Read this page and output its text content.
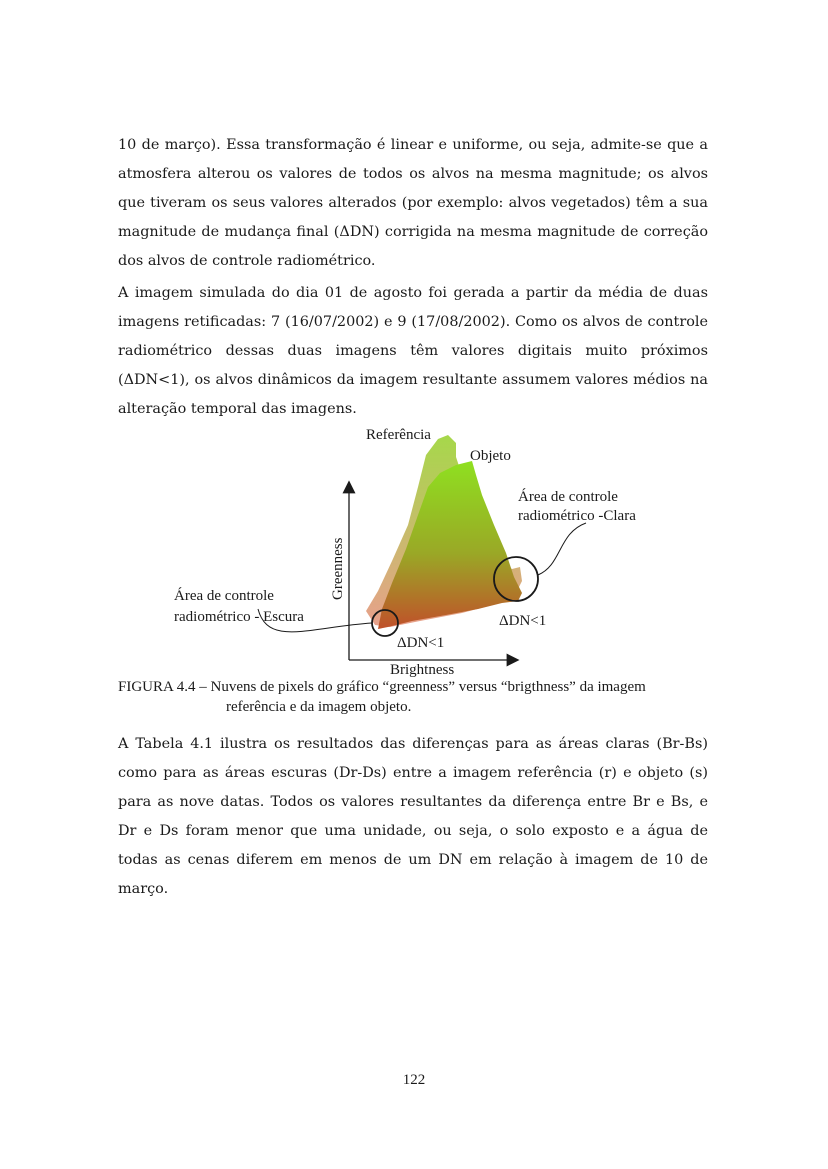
10 de março). Essa transformação é linear e uniforme, ou seja, admite-se que a atmosfera alterou os valores de todos os alvos na mesma magnitude; os alvos que tiveram os seus valores alterados (por exemplo: alvos vegetados) têm a sua magnitude de mudança final (ΔDN) corrigida na mesma magnitude de correção dos alvos de controle radiométrico.

A imagem simulada do dia 01 de agosto foi gerada a partir da média de duas imagens retificadas: 7 (16/07/2002) e 9 (17/08/2002). Como os alvos de controle radiométrico dessas duas imagens têm valores digitais muito próximos (ΔDN<1), os alvos dinâmicos da imagem resultante assumem valores médios na alteração temporal das imagens.

Referência
Objeto
Área de controle
radiométrico -Clara
Área de controle
radiométrico - Escura
ΔDN<1
ΔDN<1
Brightness
Greenness
FIGURA 4.4 – Nuvens de pixels do gráfico “greenness” versus “brigthness” da imagem
referência e da imagem objeto.

A Tabela 4.1 ilustra os resultados das diferenças para as áreas claras (Br-Bs) como para as áreas escuras (Dr-Ds) entre a imagem referência (r) e objeto (s) para as nove datas. Todos os valores resultantes da diferença entre Br e Bs, e Dr e Ds foram menor que uma unidade, ou seja, o solo exposto e a água de todas as cenas diferem em menos de um DN em relação à imagem de 10 de março.

122
